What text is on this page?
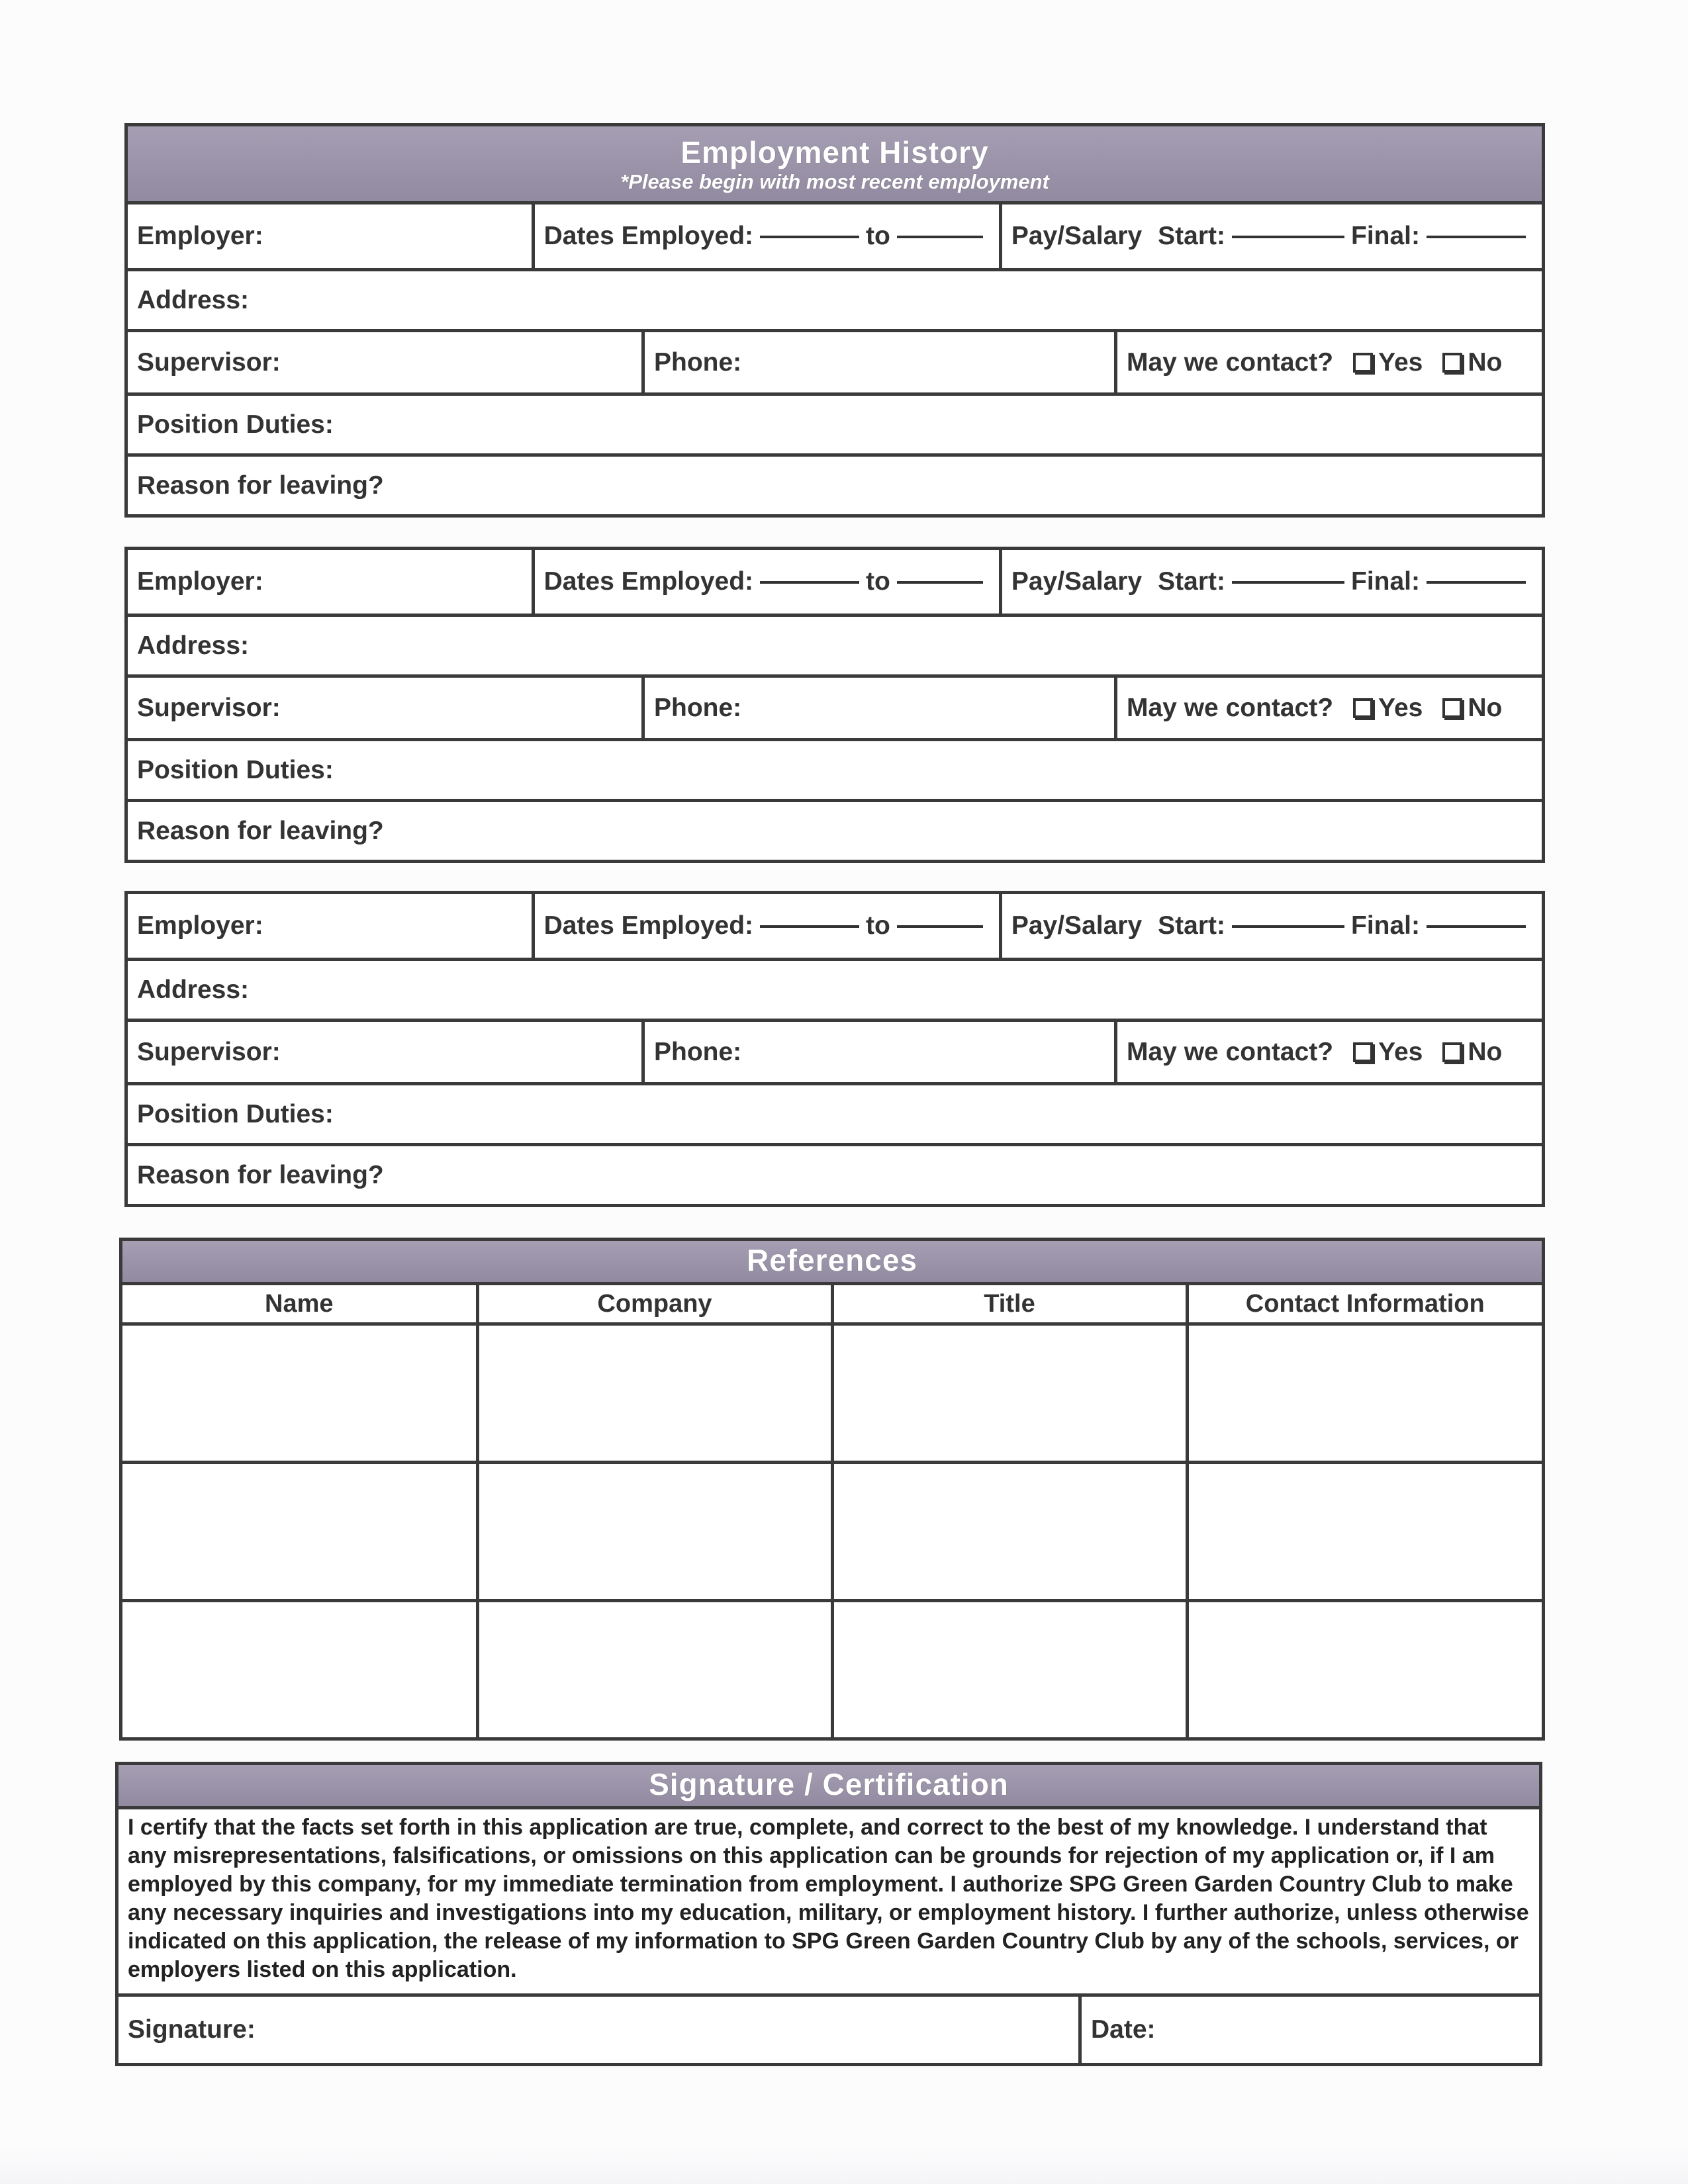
Employment History
*Please begin with most recent employment
Employer:	Dates Employed:	to	Pay/Salary Start:	Final:
Address:
Supervisor:	Phone:	May we contact? Yes No
Position Duties:
Reason for leaving?
Employer:	Dates Employed:	to	Pay/Salary Start:	Final:
Address:
Supervisor:	Phone:	May we contact? Yes No
Position Duties:
Reason for leaving?
Employer:	Dates Employed:	to	Pay/Salary Start:	Final:
Address:
Supervisor:	Phone:	May we contact? Yes No
Position Duties:
Reason for leaving?
References
Name	Company	Title	Contact Information

Signature / Certification
I certify that the facts set forth in this application are true, complete, and correct to the best of my knowledge. I understand that any misrepresentations, falsifications, or omissions on this application can be grounds for rejection of my application or, if I am employed by this company, for my immediate termination from employment. I authorize SPG Green Garden Country Club to make any necessary inquiries and investigations into my education, military, or employment history. I further authorize, unless otherwise indicated on this application, the release of my information to SPG Green Garden Country Club by any of the schools, services, or employers listed on this application.
Signature:	Date:
